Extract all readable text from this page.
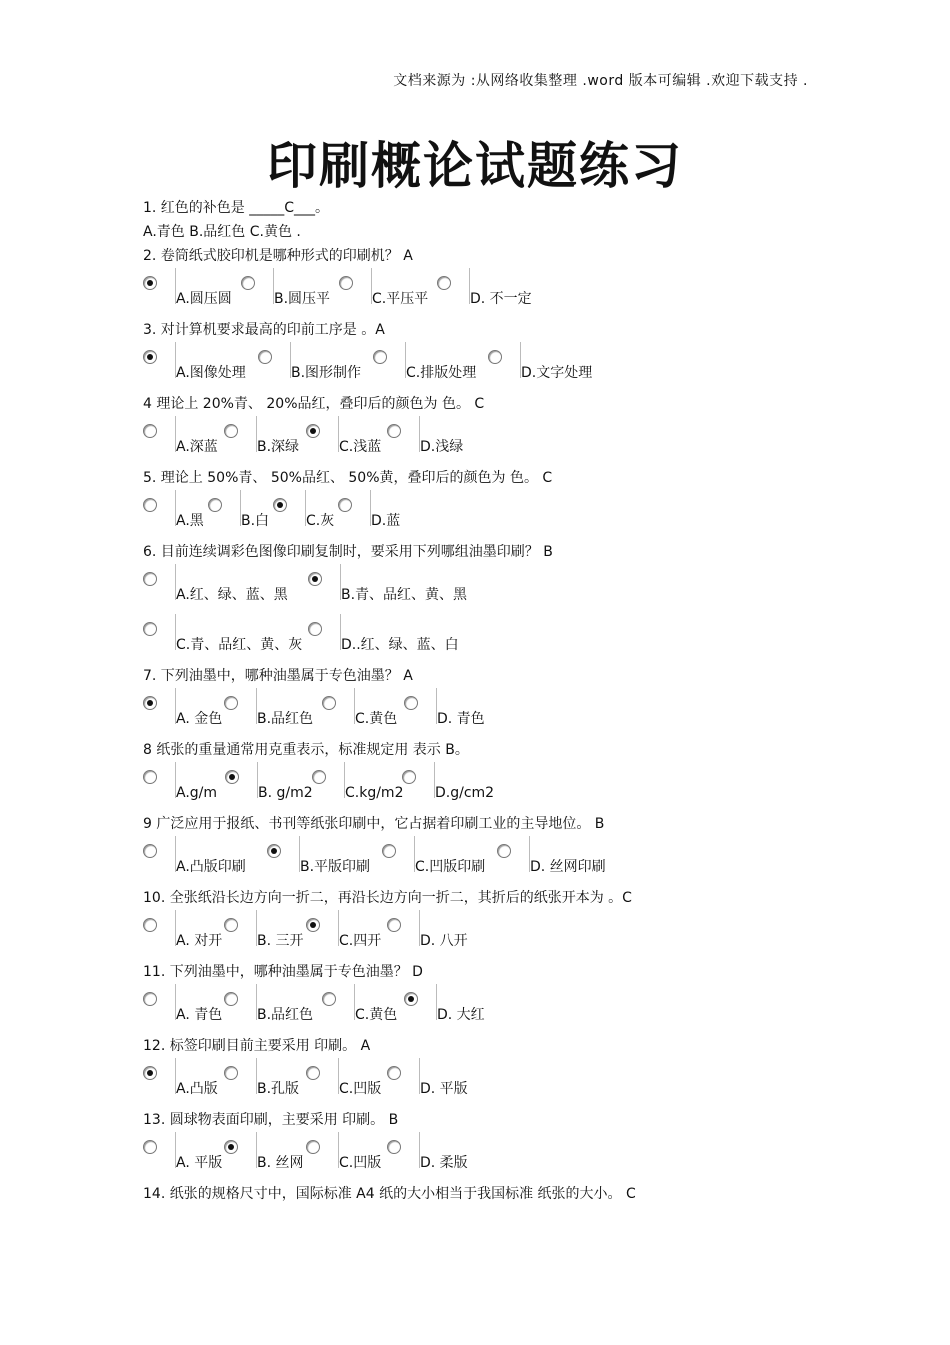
文档来源为 :从网络收集整理 .word 版本可编辑 .欢迎下载支持 .
印刷概论试题练习
1. 红色的补色是 _____C___。
A.青色 B.品红色 C.黄色 .
2. 卷筒纸式胶印机是哪种形式的印刷机？ A
A.圆压圆	B.圆压平	C.平压平	D. 不一定
3. 对计算机要求最高的印前工序是 。A
A.图像处理	B.图形制作	C.排版处理	D.文字处理
4 理论上 20%青、 20%品红，叠印后的颜色为 色。 C
A.深蓝	B.深绿	C.浅蓝	D.浅绿
5. 理论上 50%青、 50%品红、 50%黄，叠印后的颜色为 色。 C
A.黑	B.白	C.灰	D.蓝
6. 目前连续调彩色图像印刷复制时，要采用下列哪组油墨印刷？ B
A.红、绿、蓝、黑	B.青、品红、黄、黑
C.青、品红、黄、灰	D..红、绿、蓝、白
7. 下列油墨中，哪种油墨属于专色油墨？ A
A. 金色 B.品红色	C.黄色	D. 青色
8 纸张的重量通常用克重表示，标准规定用 表示 B。
A.g/m	B. g/m2 C.kg/m2 D.g/cm2
9 广泛应用于报纸、书刊等纸张印刷中，它占据着印刷工业的主导地位。 B
A.凸版印刷	B.平版印刷	C.凹版印刷	D. 丝网印刷
10. 全张纸沿长边方向一折二，再沿长边方向一折二，其折后的纸张开本为 。C
A. 对开 B. 三开	C.四开	D. 八开
11. 下列油墨中，哪种油墨属于专色油墨？ D
A. 青色 B.品红色	C.黄色	D. 大红
12. 标签印刷目前主要采用 印刷。 A
A.凸版	B.孔版	C.凹版	D. 平版
13. 圆球物表面印刷，主要采用 印刷。 B
A. 平版 B. 丝网	C.凹版	D. 柔版
14. 纸张的规格尺寸中，国际标准 A4 纸的大小相当于我国标准 纸张的大小。 C
